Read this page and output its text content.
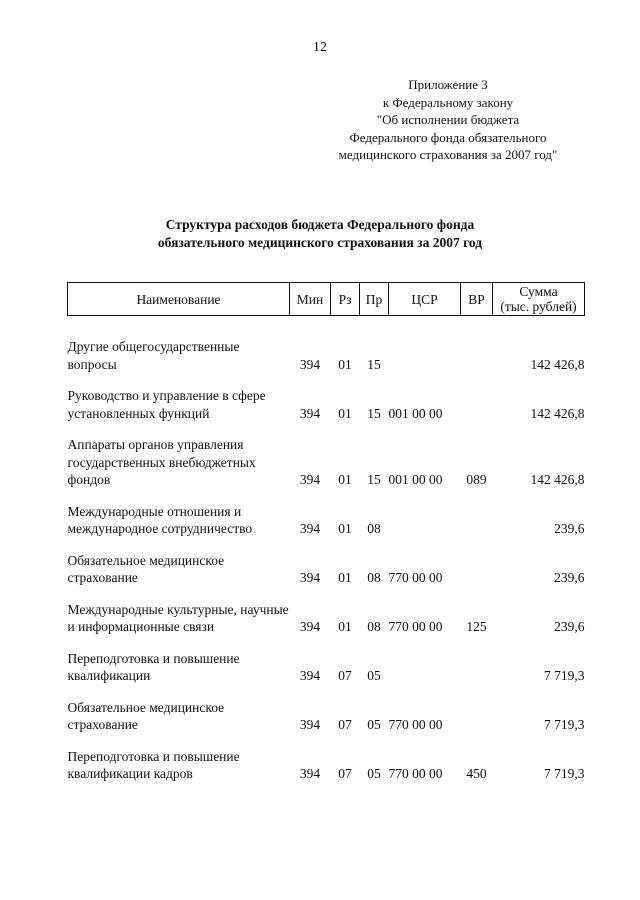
12
Приложение 3
к Федеральному закону
"Об исполнении бюджета
Федерального фонда обязательного
медицинского страхования за 2007 год"
Структура расходов бюджета Федерального фонда
обязательного медицинского страхования за 2007 год
Наименование	Мин	Рз	Пр	ЦСР	ВР	Сумма
(тыс. рублей)

Другие общегосударственные вопросы	394	01	15			142 426,8

Руководство и управление в сфере установленных функций	394	01	15	001 00 00		142 426,8

Аппараты органов управления государственных внебюджетных фондов	394	01	15	001 00 00	089	142 426,8

Международные отношения и международное сотрудничество	394	01	08			239,6

Обязательное медицинское страхование	394	01	08	770 00 00		239,6

Международные культурные, научные и информационные связи	394	01	08	770 00 00	125	239,6

Переподготовка и повышение квалификации	394	07	05			7 719,3

Обязательное медицинское страхование	394	07	05	770 00 00		7 719,3

Переподготовка и повышение квалификации кадров	394	07	05	770 00 00	450	7 719,3
